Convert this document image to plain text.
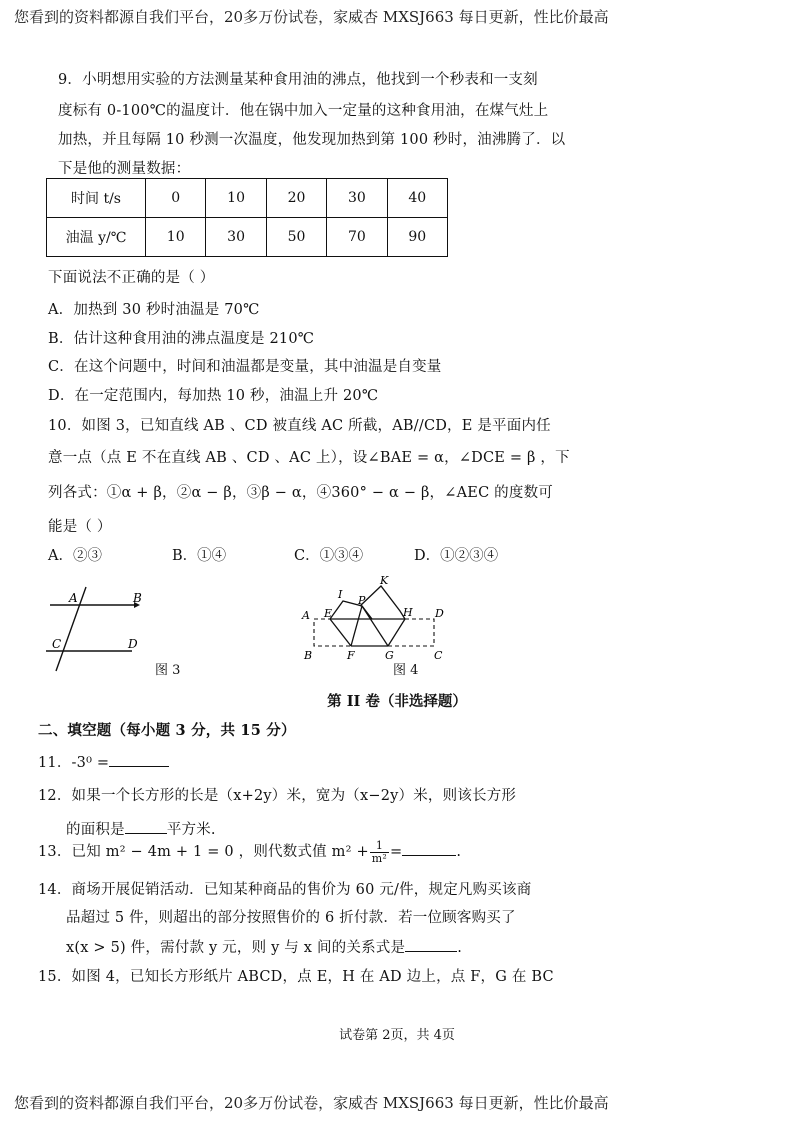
您看到的资料都源自我们平台，20多万份试卷，家威杏 MXSJ663 每日更新，性比价最高
9．小明想用实验的方法测量某种食用油的沸点，他找到一个秒表和一支刻
度标有 0-100℃的温度计．他在锅中加入一定量的这种食用油，在煤气灶上
加热，并且每隔 10 秒测一次温度，他发现加热到第 100 秒时，油沸腾了．以
下是他的测量数据：
时间 t/s	0	10	20	30	40
油温 y/℃	10	30	50	70	90
下面说法不正确的是（ ）
A．加热到 30 秒时油温是 70℃
B．估计这种食用油的沸点温度是 210℃
C．在这个问题中，时间和油温都是变量，其中油温是自变量
D．在一定范围内，每加热 10 秒，油温上升 20℃
10．如图 3，已知直线 AB 、CD 被直线 AC 所截，AB//CD，E 是平面内任
意一点（点 E 不在直线 AB 、CD 、AC 上），设∠BAE = α，∠DCE = β ，下
列各式：①α + β，②α − β，③β − α，④360° − α − β，∠AEC 的度数可
能是（ ）
A．②③	B．①④	C．①③④	D．①②③④
A	B
C	D
图 3
A E
I P
K
H D
B	F	G	C
图 4
第 II 卷（非选择题）
二、填空题（每小题 3 分，共 15 分）
11．-3⁰ =
12．如果一个长方形的长是（x+2y）米，宽为（x−2y）米，则该长方形
的面积是	平方米.
13．已知 m² − 4m + 1 = 0 ，则代数式值 $m^2 + \frac{1}{\text{m²}}$ =	.
14．商场开展促销活动．已知某种商品的售价为 60 元/件，规定凡购买该商
品超过 5 件，则超出的部分按照售价的 6 折付款．若一位顾客购买了
x(x > 5) 件，需付款 y 元，则 y 与 x 间的关系式是	.
15．如图 4，已知长方形纸片 ABCD，点 E，H 在 AD 边上，点 F，G 在 BC
试卷第 2页，共 4页
您看到的资料都源自我们平台，20多万份试卷，家威杏 MXSJ663 每日更新，性比价最高
